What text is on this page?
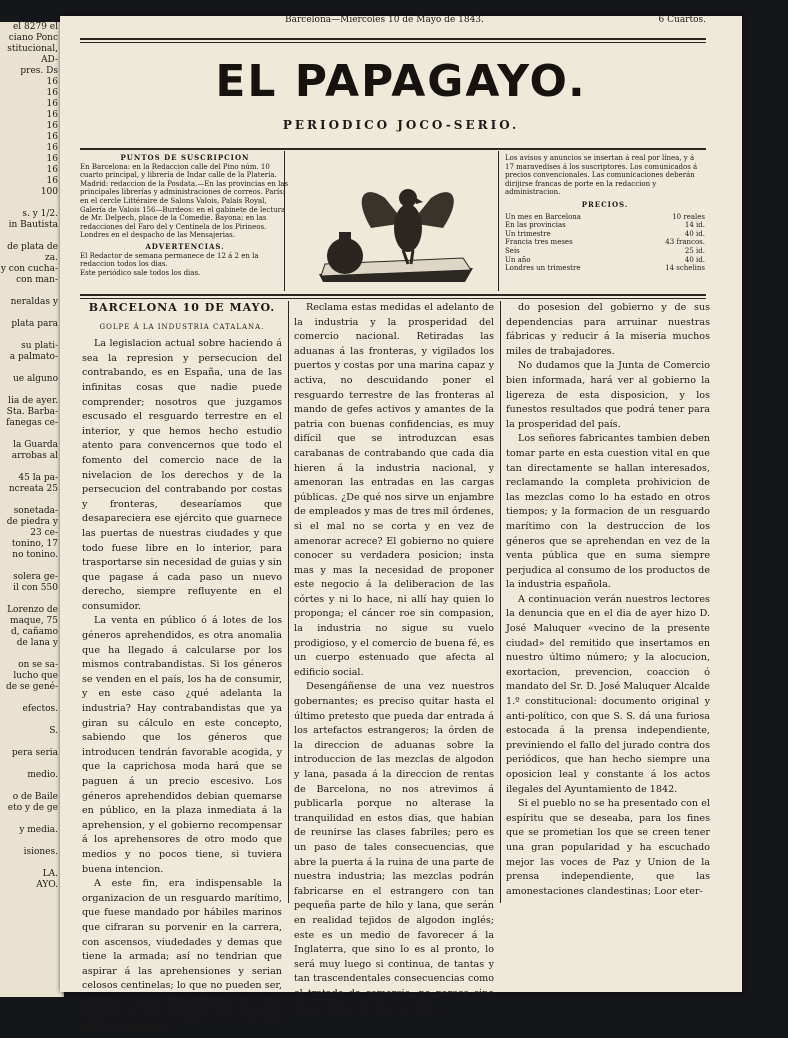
el 8279 el
ciano Ponc
stitucional,
AD-
pres. Ds
16
16
16
16
16
16
16
16
16
16
100

s. y 1/2.
in Bautista

de plata de
za.
y con cucha-
con man-

neraldas y

plata para

su plati-
a palmato-

ue alguno

lia de ayer.
Sta. Barba-
fanegas ce-

la Guarda
arrobas al

45 la pa-
ncreata 25

sonetada-
de piedra y
23 ce-
tonino, 17
no tonino.

solera ge-
il con 550

Lorenzo de
maque, 75
d, cañamo
de lana y

on se sa-
lucho que
de se gené-

efectos.

S.

pera seria

medio.

o de Baile
eto y de ge

y media.

isiones.

LA.
AYO.
Barcelona—Miercoles 10 de Mayo de 1843.	6 Cuartos.
EL PAPAGAYO.
PERIODICO JOCO-SERIO.
PUNTOS DE SUSCRIPCION

En Barcelona: en la Redaccion calle del Pino núm. 10 cuarto principal, y librería de Indar calle de la Platería. Madrid: redaccion de la Posdata.—En las provincias en las principales librerías y administraciones de correos. París: en el cercle Littéraire de Salons Valois, Palais Royal, Galería de Valois 156—Burdeos: en el gabinete de lectura de Mr. Delpech, place de la Comedie. Bayona: en las redacciones del Faro del y Centinela de los Pirineos. Londres en el despacho de las Mensajerias.

ADVERTENCIAS.

El Redactor de semana permanece de 12 á 2 en la redaccion todos los dias.

Este periódico sale todos los dias.

Los avisos y anuncios se insertan á real por línea, y á 17 maravedises á los suscriptores. Los comunicados á precios convencionales. Las comunicaciones deberán dirijirse francas de porte en la redaccion y administracion.

PRECIOS.
Un mes en Barcelona	10 reales
En las provincias	14 id.
Un trimestre	40 id.
Francia tres meses	43 francos.
Seis	25 id.
Un año	40 id.
Londres un trimestre	14 schelins
BARCELONA 10 DE MAYO.
GOLPE Á LA INDUSTRIA CATALANA.

La legislacion actual sobre haciendo á sea la represion y persecucion del contrabando, es en España, una de las infinitas cosas que nadie puede comprender; nosotros que juzgamos escusado el resguardo terrestre en el interior, y que hemos hecho estudio atento para convencernos que todo el fomento del comercio nace de la nivelacion de los derechos y de la persecucion del contrabando por costas y fronteras, desearíamos que desapareciera ese ejército que guarnece las puertas de nuestras ciudades y que todo fuese libre en lo interior, para trasportarse sin necesidad de guias y sin que pagase á cada paso un nuevo derecho, siempre refluyente en el consumidor.

La venta en público ó á lotes de los géneros aprehendidos, es otra anomalia que ha llegado á calcularse por los mismos contrabandistas. Si los géneros se venden en el país, los ha de consumir, y en este caso ¿qué adelanta la industria? Hay contrabandistas que ya giran su cálculo en este concepto, sabiendo que los géneros que introducen tendrán favorable acogida, y que la caprichosa moda hará que se paguen á un precio escesivo. Los géneros aprehendidos debian quemarse en público, en la plaza inmediata á la aprehension, y el gobierno recompensar á los aprehensores de otro modo que medios y no pocos tiene, si tuviera buena intencion.

A este fin, era indispensable la organizacion de un resguardo marítimo, que fuese mandado por hábiles marinos que cifraran su porvenir en la carrera, con ascensos, viudedades y demas que tiene la armada; así no tendrian que aspirar á las aprehensiones y serian celosos centinelas; lo que no pueden ser, mientras sean dependientes de una empresa, y esté su empleo á la voluntad de un contratista.

Reclama estas medidas el adelanto de la industria y la prosperidad del comercio nacional. Retiradas las aduanas á las fronteras, y vigilados los puertos y costas por una marina capaz y activa, no descuidando poner el resguardo terrestre de las fronteras al mando de gefes activos y amantes de la patria con buenas confidencias, es muy difícil que se introduzcan esas carabanas de contrabando que cada dia hieren á la industria nacional, y amenoran las entradas en las cargas públicas. ¿De qué nos sirve un enjambre de empleados y mas de tres mil órdenes, si el mal no se corta y en vez de amenorar acrece? El gobierno no quiere conocer su verdadera posicion; insta mas y mas la necesidad de proponer este negocio á la deliberacion de las córtes y ni lo hace, ni allí hay quien lo proponga; el cáncer roe sin compasion, la industria no sigue su vuelo prodigioso, y el comercio de buena fé, es un cuerpo estenuado que afecta al edificio social.

Desengáñense de una vez nuestros gobernantes; es preciso quitar hasta el último pretesto que pueda dar entrada á los artefactos estrangeros; la órden de la direccion de aduanas sobre la introduccion de las mezclas de algodon y lana, pasada á la direccion de rentas de Barcelona, no nos atrevimos á publicarla porque no alterase la tranquilidad en estos dias, que habian de reunirse las clases fabriles; pero es un paso de tales consecuencias, que abre la puerta á la ruina de una parte de nuestra industria; las mezclas podrán fabricarse en el estrangero con tan pequeña parte de hilo y lana, que serán en realidad tejidos de algodon inglés; este es un medio de favorecer á la Inglaterra, que sino lo es al pronto, lo será muy luego si continua, de tantas y tan trascendentales consecuencias como el tratado de comercio, no parece sino que el génio del mal ha toma-

do posesion del gobierno y de sus dependencias para arruinar nuestras fábricas y reducir á la miseria muchos miles de trabajadores.

No dudamos que la Junta de Comercio bien informada, hará ver al gobierno la ligereza de esta disposicion, y los funestos resultados que podrá tener para la prosperidad del país.

Los señores fabricantes tambien deben tomar parte en esta cuestion vital en que tan directamente se hallan interesados, reclamando la completa prohivicion de las mezclas como lo ha estado en otros tiempos; y la formacion de un resguardo marítimo con la destruccion de los géneros que se aprehendan en vez de la venta pública que en suma siempre perjudica al consumo de los productos de la industria española.

A continuacion verán nuestros lectores la denuncia que en el dia de ayer hizo D. José Maluquer «vecino de la presente ciudad» del remitido que insertamos en nuestro último número; y la alocucion, exortacion, prevencion, coaccion ó mandato del Sr. D. José Maluquer Alcalde 1.º constitucional: documento original y anti-político, con que S. S. dá una furiosa estocada á la prensa independiente, previniendo el fallo del jurado contra dos periódicos, que han hecho siempre una oposicion leal y constante á los actos ilegales del Ayuntamiento de 1842.

Si el pueblo no se ha presentado con el espíritu que se deseaba, para los fines que se prometian los que se creen tener una gran popularidad y ha escuchado mejor las voces de Paz y Union de la prensa independiente, que las amonestaciones clandestinas; Loor eter-
